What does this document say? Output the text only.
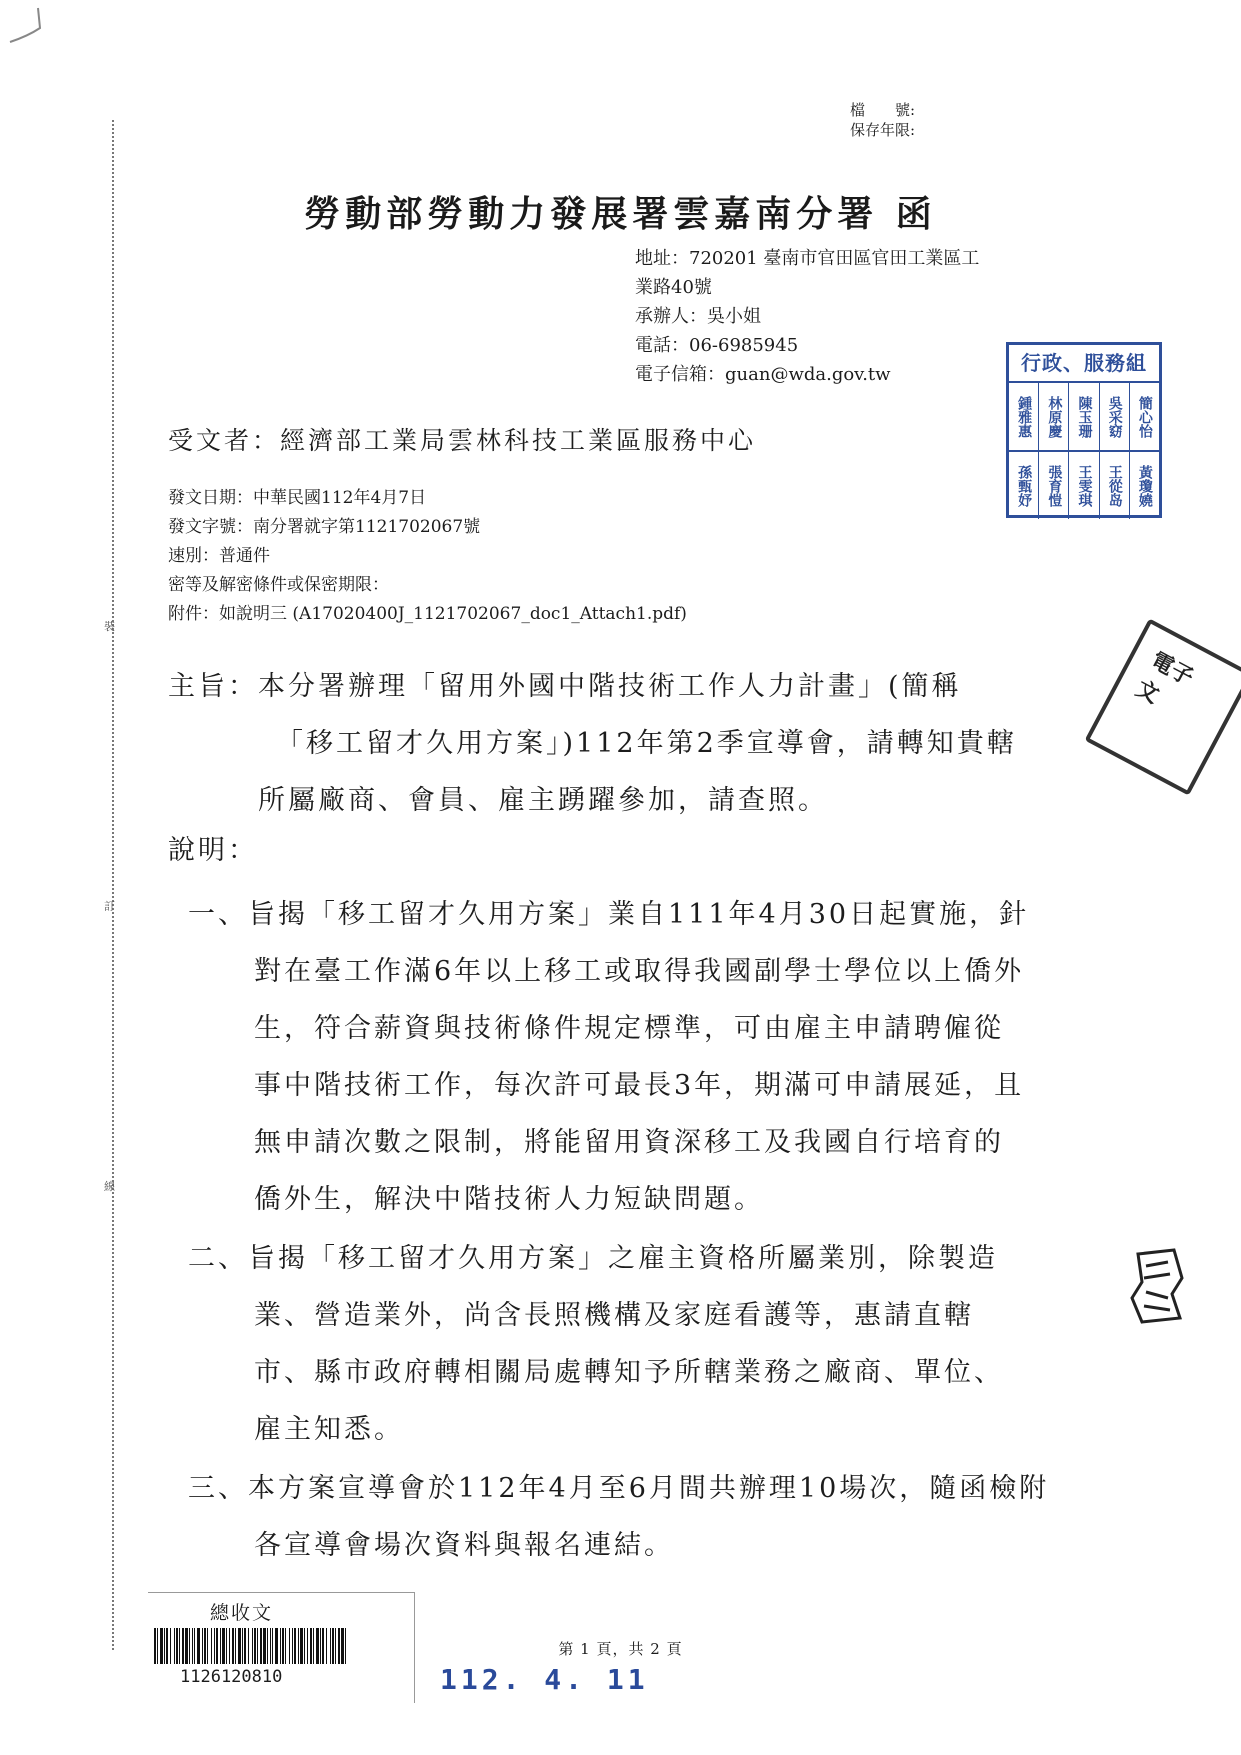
裝
訂
線
檔　　號:
保存年限:
勞動部勞動力發展署雲嘉南分署 函
地址：720201 臺南市官田區官田工業區工
業路40號
承辦人：吳小姐
電話：06-6985945
電子信箱：guan@wda.gov.tw	行政、服務組
鍾雅惠	林原慶	陳玉珊	吳采窈	簡心怡
孫甄妤	張育愷	王雯琪	王從岛	黃瓊嬈
受文者：經濟部工業局雲林科技工業區服務中心
發文日期：中華民國112年4月7日
發文字號：南分署就字第1121702067號
速別：普通件
密等及解密條件或保密期限：
附件：如說明三 (A17020400J_1121702067_doc1_Attach1.pdf)
主旨：本分署辦理「留用外國中階技術工作人力計畫」(簡稱
「移工留才久用方案」)112年第2季宣導會，請轉知貴轄
所屬廠商、會員、雇主踴躍參加，請查照。
說明：
一、旨揭「移工留才久用方案」業自111年4月30日起實施，針
對在臺工作滿6年以上移工或取得我國副學士學位以上僑外
生，符合薪資與技術條件規定標準，可由雇主申請聘僱從
事中階技術工作，每次許可最長3年，期滿可申請展延，且
無申請次數之限制，將能留用資深移工及我國自行培育的
僑外生，解決中階技術人力短缺問題。
二、旨揭「移工留才久用方案」之雇主資格所屬業別，除製造
業、營造業外，尚含長照機構及家庭看護等，惠請直轄
市、縣市政府轉相關局處轉知予所轄業務之廠商、單位、
雇主知悉。
三、本方案宣導會於112年4月至6月間共辦理10場次，隨函檢附
各宣導會場次資料與報名連結。
電子
文
總收文
1126120810
第 1 頁，共 2 頁
112. 4. 11
